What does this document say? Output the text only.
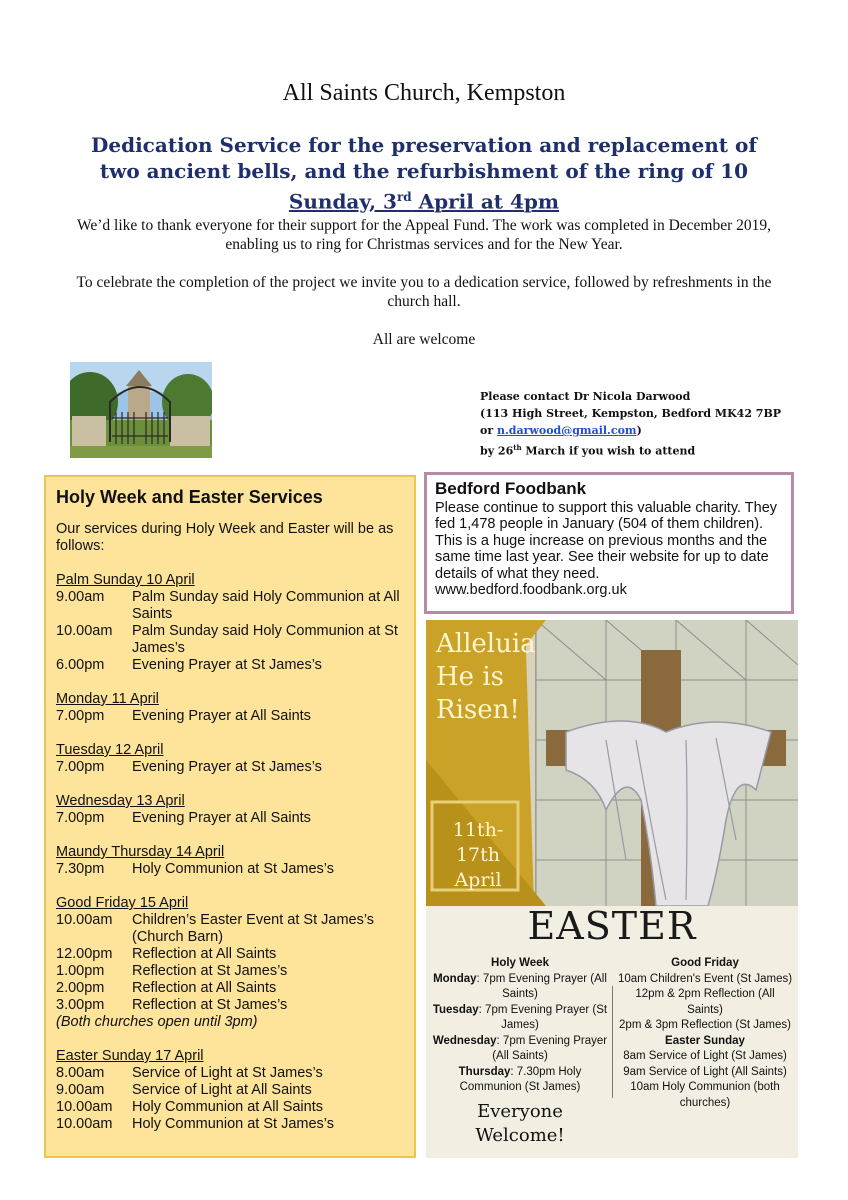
All Saints Church, Kempston
Dedication Service for the preservation and replacement of
two ancient bells, and the refurbishment of the ring of 10
Sunday, 3rd April at 4pm

We’d like to thank everyone for their support for the Appeal Fund. The work was completed in December 2019, enabling us to ring for Christmas services and for the New Year.

To celebrate the completion of the project we invite you to a dedication service, followed by refreshments in the church hall.

All are welcome

Please contact Dr Nicola Darwood
(113 High Street, Kempston, Bedford MK42 7BP
or n.darwood@gmail.com)
by 26th March if you wish to attend
Holy Week and Easter Services
Our services during Holy Week and Easter will be as follows:
Palm Sunday 10 April
9.00am	Palm Sunday said Holy Communion at All Saints
10.00am	Palm Sunday said Holy Communion at St James’s
6.00pm	Evening Prayer at St James’s
Monday 11 April
7.00pm	Evening Prayer at All Saints
Tuesday 12 April
7.00pm	Evening Prayer at St James’s
Wednesday 13 April
7.00pm	Evening Prayer at All Saints
Maundy Thursday 14 April
7.30pm	Holy Communion at St James’s
Good Friday 15 April
10.00am	Children’s Easter Event at St James’s (Church Barn)
12.00pm	Reflection at All Saints
1.00pm	Reflection at St James’s
2.00pm	Reflection at All Saints
3.00pm	Reflection at St James’s
(Both churches open until 3pm)
Easter Sunday 17 April
8.00am	Service of Light at St James’s
9.00am	Service of Light at All Saints
10.00am	Holy Communion at All Saints
10.00am	Holy Communion at St James’s
Bedford Foodbank
Please continue to support this valuable charity. They fed 1,478 people in January (504 of them children). This is a huge increase on previous months and the same time last year. See their website for up to date details of what they need.
www.bedford.foodbank.org.uk
Alleluia He is Risen!
11th-17th April
EASTER
Holy Week
Monday: 7pm Evening Prayer (All Saints)
Tuesday: 7pm Evening Prayer (St James)
Wednesday: 7pm Evening Prayer (All Saints)
Thursday: 7.30pm Holy Communion (St James)
Everyone Welcome!
Good Friday
10am Children's Event (St James)
12pm & 2pm Reflection (All Saints)
2pm & 3pm Reflection (St James)
Easter Sunday
8am Service of Light (St James)
9am Service of Light (All Saints)
10am Holy Communion (both churches)
